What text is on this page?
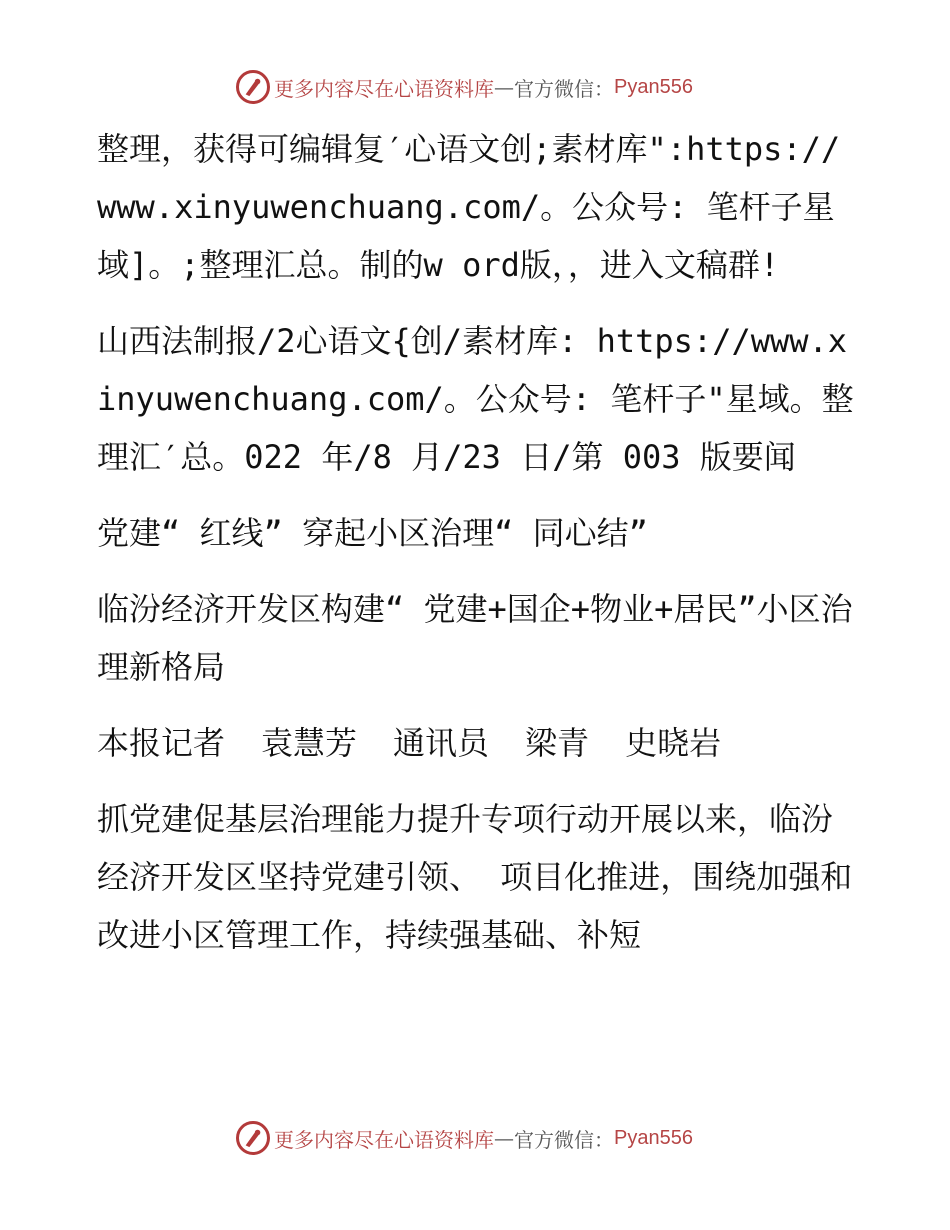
更多内容尽在心语资料库 — 官方微信： Pyan556

整理，获得可编辑复′心语文创;素材库":https://www.xinyuwenchuang.com/。公众号: 笔杆子星域]。;整理汇总。制的w ord版，，进入文稿群!

山西法制报/2心语文{创/素材库: https://www.xinyuwenchuang.com/。公众号: 笔杆子"星域。整理汇′总。022 年/8 月/23 日/第 003 版要闻

党建“ 红线” 穿起小区治理“ 同心结”

临汾经济开发区构建“ 党建+国企+物业+居民”小区治理新格局

本报记者 袁慧芳 通讯员 梁青 史晓岩

抓党建促基层治理能力提升专项行动开展以来，临汾经济开发区坚持党建引领、 项目化推进，围绕加强和改进小区管理工作，持续强基础、补短

更多内容尽在心语资料库 — 官方微信： Pyan556
